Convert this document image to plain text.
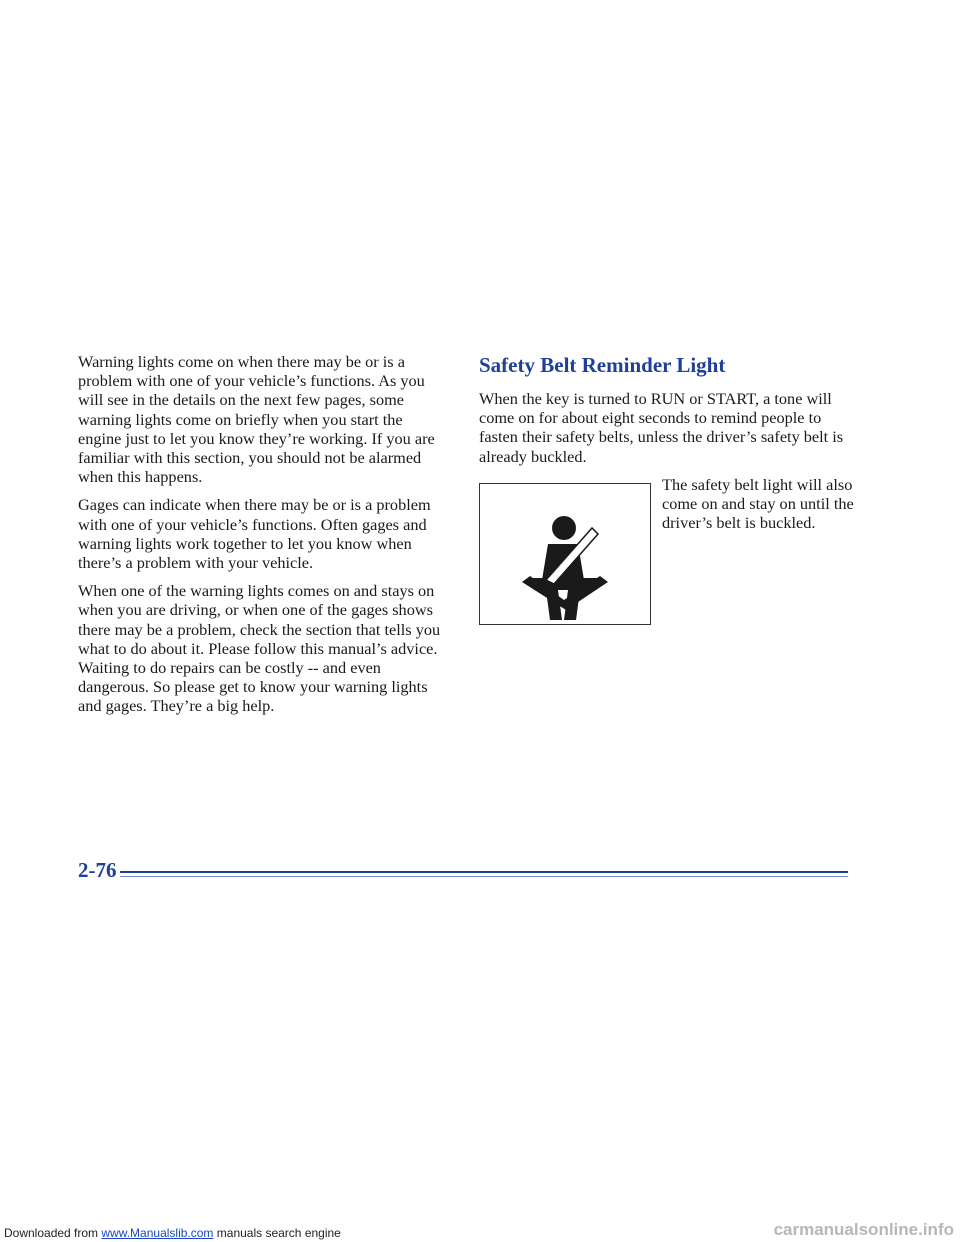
Warning lights come on when there may be or is a problem with one of your vehicle’s functions. As you will see in the details on the next few pages, some warning lights come on briefly when you start the engine just to let you know they’re working. If you are familiar with this section, you should not be alarmed when this happens.

Gages can indicate when there may be or is a problem with one of your vehicle’s functions. Often gages and warning lights work together to let you know when there’s a problem with your vehicle.

When one of the warning lights comes on and stays on when you are driving, or when one of the gages shows there may be a problem, check the section that tells you what to do about it. Please follow this manual’s advice. Waiting to do repairs can be costly -- and even dangerous. So please get to know your warning lights and gages. They’re a big help.

Safety Belt Reminder Light

When the key is turned to RUN or START, a tone will come on for about eight seconds to remind people to fasten their safety belts, unless the driver’s safety belt is already buckled.

The safety belt light will also come on and stay on until the driver’s belt is buckled.

2-76
Downloaded from www.Manualslib.com manuals search engine	carmanualsonline.info
